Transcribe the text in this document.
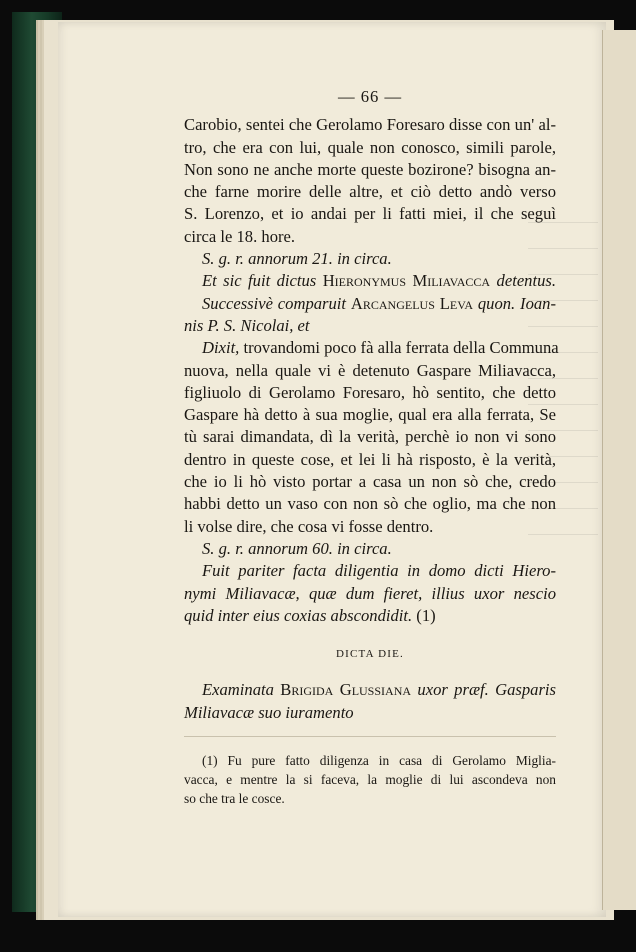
— 66 —
Carobio, sentei che Gerolamo Foresaro disse con un' al-
tro, che era con lui, quale non conosco, simili parole,
Non sono ne anche morte queste bozirone? bisogna an-
che farne morire delle altre, et ciò detto andò verso
S. Lorenzo, et io andai per li fatti miei, il che seguì
circa le 18. hore.
S. g. r. annorum 21. in circa.
Et sic fuit dictus Hieronymus Miliavacca detentus.
Successivè comparuit Arcangelus Leva quon. Ioan-
nis P. S. Nicolai, et
Dixit, trovandomi poco fà alla ferrata della Communa
nuova, nella quale vi è detenuto Gaspare Miliavacca,
figliuolo di Gerolamo Foresaro, hò sentito, che detto
Gaspare hà detto à sua moglie, qual era alla ferrata, Se
tù sarai dimandata, dì la verità, perchè io non vi sono
dentro in queste cose, et lei li hà risposto, è la verità,
che io li hò visto portar a casa un non sò che, credo
habbi detto un vaso con non sò che oglio, ma che non
li volse dire, che cosa vi fosse dentro.
S. g. r. annorum 60. in circa.
Fuit pariter facta diligentia in domo dicti Hiero-
nymi Miliavacæ, quæ dum fieret, illius uxor nescio
quid inter eius coxias abscondidit. (1)
DICTA DIE.
Examinata Brigida Glussiana uxor præf. Gasparis
Miliavacæ suo iuramento
(1) Fu pure fatto diligenza in casa di Gerolamo Miglia-
vacca, e mentre la si faceva, la moglie di lui ascondeva non
so che tra le cosce.
